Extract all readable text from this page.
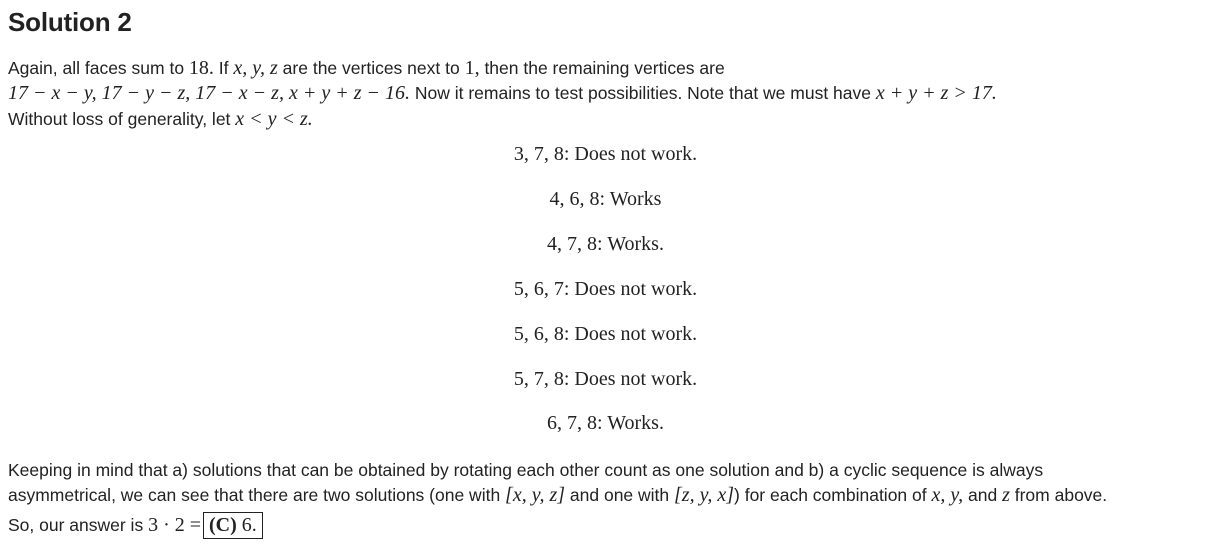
Solution 2
Again, all faces sum to 18. If x, y, z are the vertices next to 1, then the remaining vertices are
17 − x − y, 17 − y − z, 17 − x − z, x + y + z − 16. Now it remains to test possibilities. Note that we must have x + y + z > 17.
Without loss of generality, let x < y < z.
3, 7, 8: Does not work.
4, 6, 8: Works
4, 7, 8: Works.
5, 6, 7: Does not work.
5, 6, 8: Does not work.
5, 7, 8: Does not work.
6, 7, 8: Works.
Keeping in mind that a) solutions that can be obtained by rotating each other count as one solution and b) a cyclic sequence is always
asymmetrical, we can see that there are two solutions (one with [x, y, z] and one with [z, y, x]) for each combination of x, y, and z from above.
So, our answer is 3 · 2 = (C) 6.
